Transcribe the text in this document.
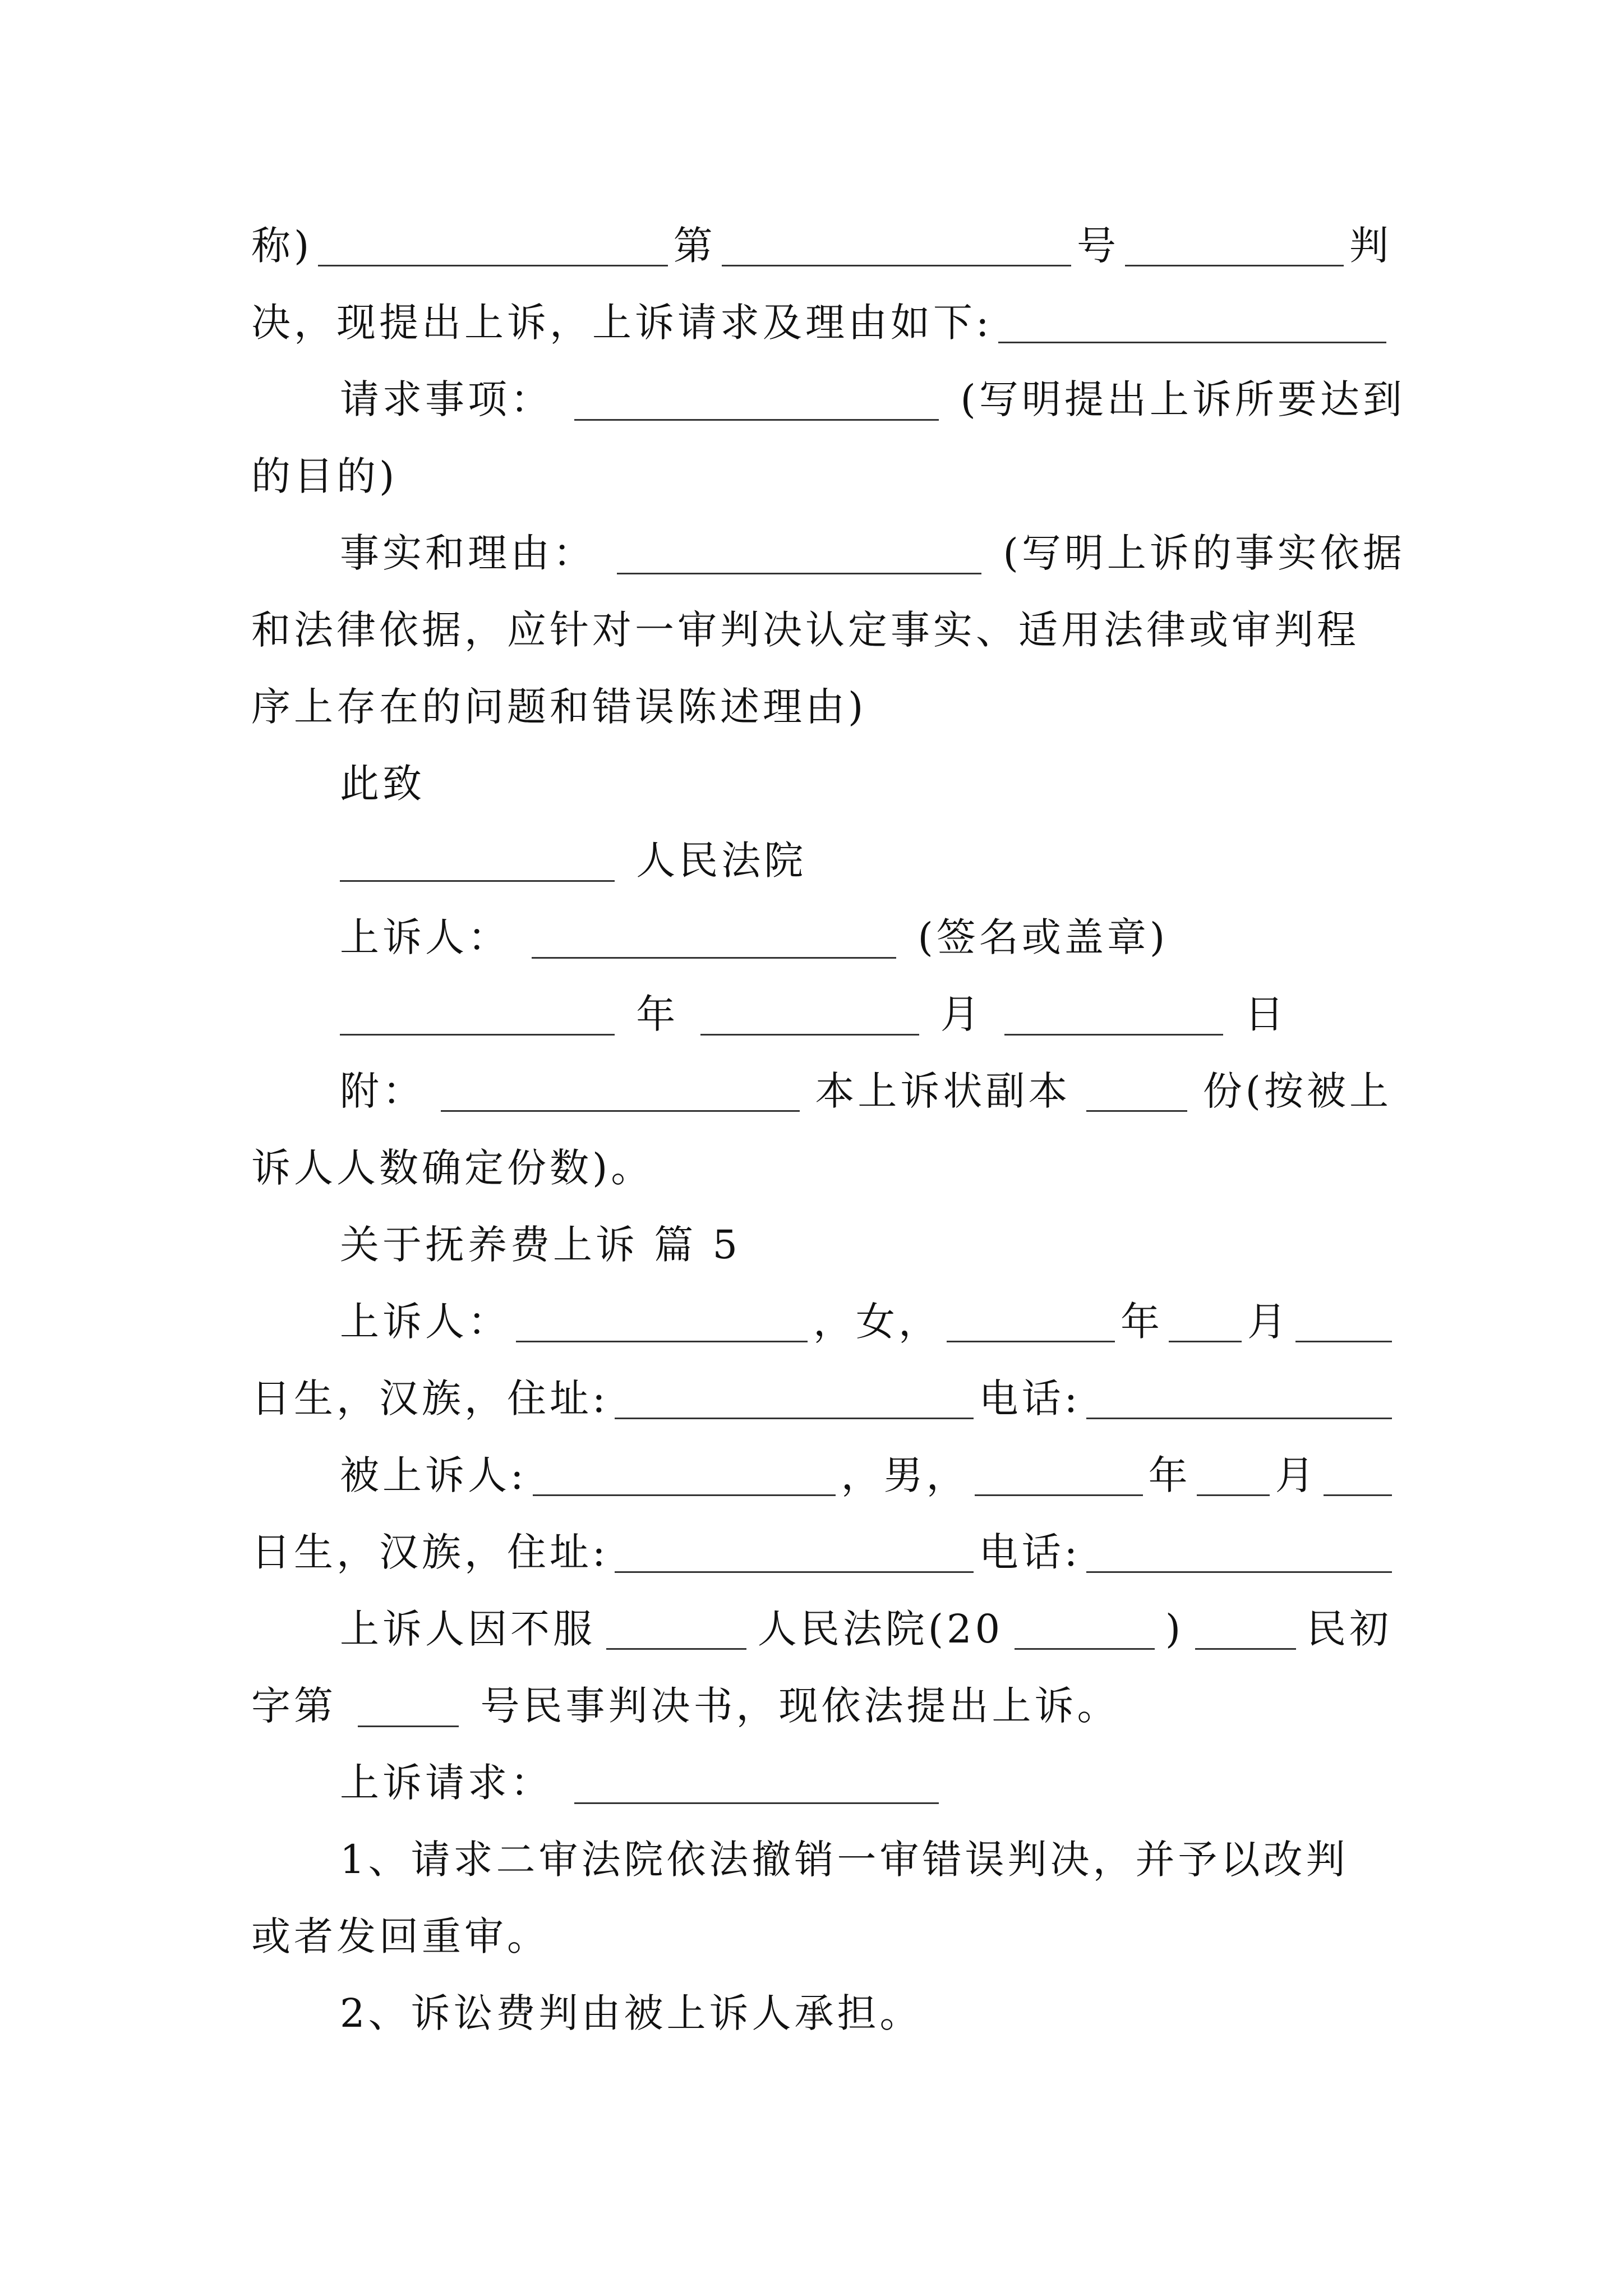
称)	第	号	判
决，现提出上诉，上诉请求及理由如下:
请求事项：	(写明提出上诉所要达到
的目的)
事实和理由：	(写明上诉的事实依据
和法律依据，应针对一审判决认定事实、适用法律或审判程
序上存在的问题和错误陈述理由)
此致
人民法院
上诉人：	(签名或盖章)
年	月	日
附：	本上诉状副本	份(按被上
诉人人数确定份数)。
关于抚养费上诉 篇 5
上诉人：	，女，	年 月
日生，汉族，住址:	电话:
被上诉人:	，男，	年 月
日生，汉族，住址:	电话:
上诉人因不服	人民法院(20	)	民初
字第	号民事判决书，现依法提出上诉。
上诉请求：
1、请求二审法院依法撤销一审错误判决，并予以改判
或者发回重审。
2、诉讼费判由被上诉人承担。
